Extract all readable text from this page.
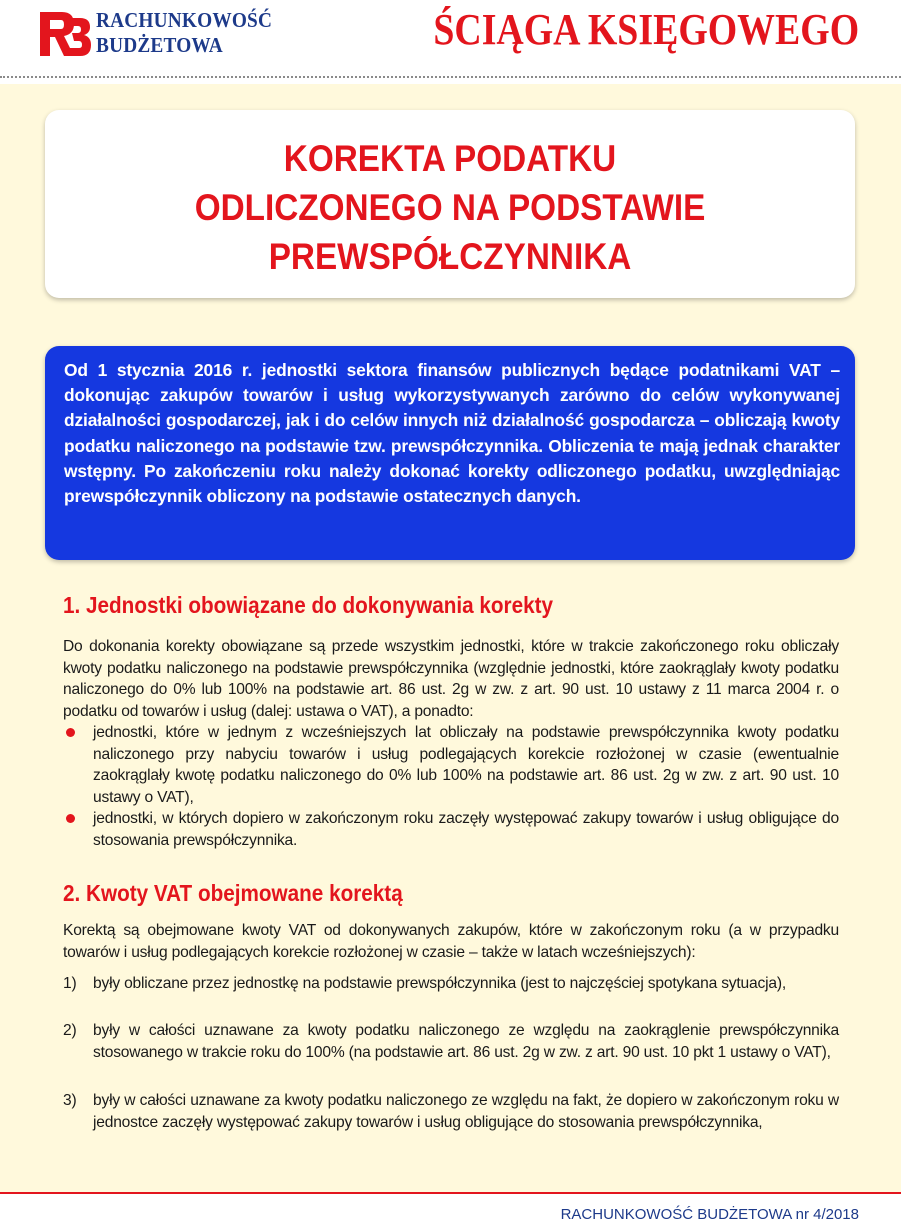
RACHUNKOWOŚĆ
BUDŻETOWA	ŚCIĄGA KSIĘGOWEGO
KOREKTA PODATKU
ODLICZONEGO NA PODSTAWIE
PREWSPÓŁCZYNNIKA
Od 1 stycznia 2016 r. jednostki sektora finansów publicznych będące podatnikami VAT – dokonując zakupów towarów i usług wykorzystywanych zarówno do celów wykonywanej działalności gospodarczej, jak i do celów innych niż działalność gospodarcza – obliczają kwoty podatku naliczonego na podstawie tzw. prewspółczynnika. Obliczenia te mają jednak charakter wstępny. Po zakończeniu roku należy dokonać korekty odliczonego podatku, uwzględniając prewspółczynnik obliczony na podstawie ostatecznych danych.
1. Jednostki obowiązane do dokonywania korekty
Do dokonania korekty obowiązane są przede wszystkim jednostki, które w trakcie zakończonego roku obliczały kwoty podatku naliczonego na podstawie prewspółczynnika (względnie jednostki, które zaokrąglały kwoty podatku naliczonego do 0% lub 100% na podstawie art. 86 ust. 2g w zw. z art. 90 ust. 10 ustawy z 11 marca 2004 r. o podatku od towarów i usług (dalej: ustawa o VAT), a ponadto:
jednostki, które w jednym z wcześniejszych lat obliczały na podstawie prewspółczynnika kwoty podatku naliczonego przy nabyciu towarów i usług podlegających korekcie rozłożonej w czasie (ewentualnie zaokrąglały kwotę podatku naliczonego do 0% lub 100% na podstawie art. 86 ust. 2g w zw. z art. 90 ust. 10 ustawy o VAT),
jednostki, w których dopiero w zakończonym roku zaczęły występować zakupy towarów i usług obligujące do stosowania prewspółczynnika.
2. Kwoty VAT obejmowane korektą
Korektą są obejmowane kwoty VAT od dokonywanych zakupów, które w zakończonym roku (a w przypadku towarów i usług podlegających korekcie rozłożonej w czasie – także w latach wcześniejszych):
1) były obliczane przez jednostkę na podstawie prewspółczynnika (jest to najczęściej spotykana sytuacja),
2) były w całości uznawane za kwoty podatku naliczonego ze względu na zaokrąglenie prewspółczynnika stosowanego w trakcie roku do 100% (na podstawie art. 86 ust. 2g w zw. z art. 90 ust. 10 pkt 1 ustawy o VAT),
3) były w całości uznawane za kwoty podatku naliczonego ze względu na fakt, że dopiero w zakończonym roku w jednostce zaczęły występować zakupy towarów i usług obligujące do stosowania prewspółczynnika,
RACHUNKOWOŚĆ BUDŻETOWA nr 4/2018
